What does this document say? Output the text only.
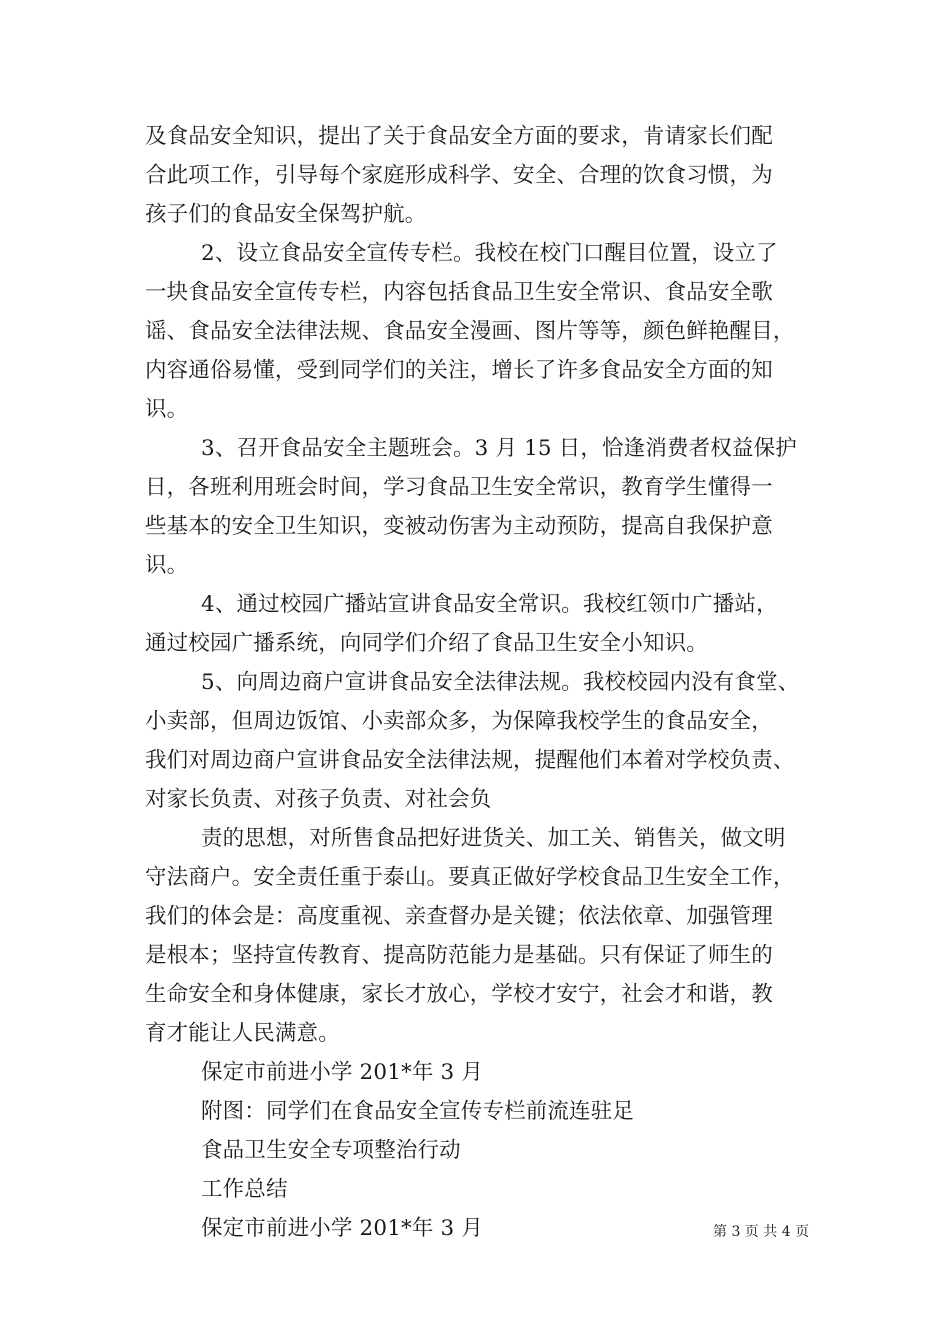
及食品安全知识，提出了关于食品安全方面的要求，肯请家长们配
合此项工作，引导每个家庭形成科学、安全、合理的饮食习惯，为
孩子们的食品安全保驾护航。
2、设立食品安全宣传专栏。我校在校门口醒目位置，设立了
一块食品安全宣传专栏，内容包括食品卫生安全常识、食品安全歌
谣、食品安全法律法规、食品安全漫画、图片等等，颜色鲜艳醒目，
内容通俗易懂，受到同学们的关注，增长了许多食品安全方面的知
识。
3、召开食品安全主题班会。3 月 15 日，恰逢消费者权益保护
日，各班利用班会时间，学习食品卫生安全常识，教育学生懂得一
些基本的安全卫生知识，变被动伤害为主动预防，提高自我保护意
识。
4、通过校园广播站宣讲食品安全常识。我校红领巾广播站，
通过校园广播系统，向同学们介绍了食品卫生安全小知识。
5、向周边商户宣讲食品安全法律法规。我校校园内没有食堂、
小卖部，但周边饭馆、小卖部众多，为保障我校学生的食品安全，
我们对周边商户宣讲食品安全法律法规，提醒他们本着对学校负责、
对家长负责、对孩子负责、对社会负
责的思想，对所售食品把好进货关、加工关、销售关，做文明
守法商户。安全责任重于泰山。要真正做好学校食品卫生安全工作，
我们的体会是：高度重视、亲查督办是关键；依法依章、加强管理
是根本；坚持宣传教育、提高防范能力是基础。只有保证了师生的
生命安全和身体健康，家长才放心，学校才安宁，社会才和谐，教
育才能让人民满意。
保定市前进小学 201*年 3 月
附图：同学们在食品安全宣传专栏前流连驻足
食品卫生安全专项整治行动
工作总结
保定市前进小学 201*年 3 月	第 3 页 共 4 页
